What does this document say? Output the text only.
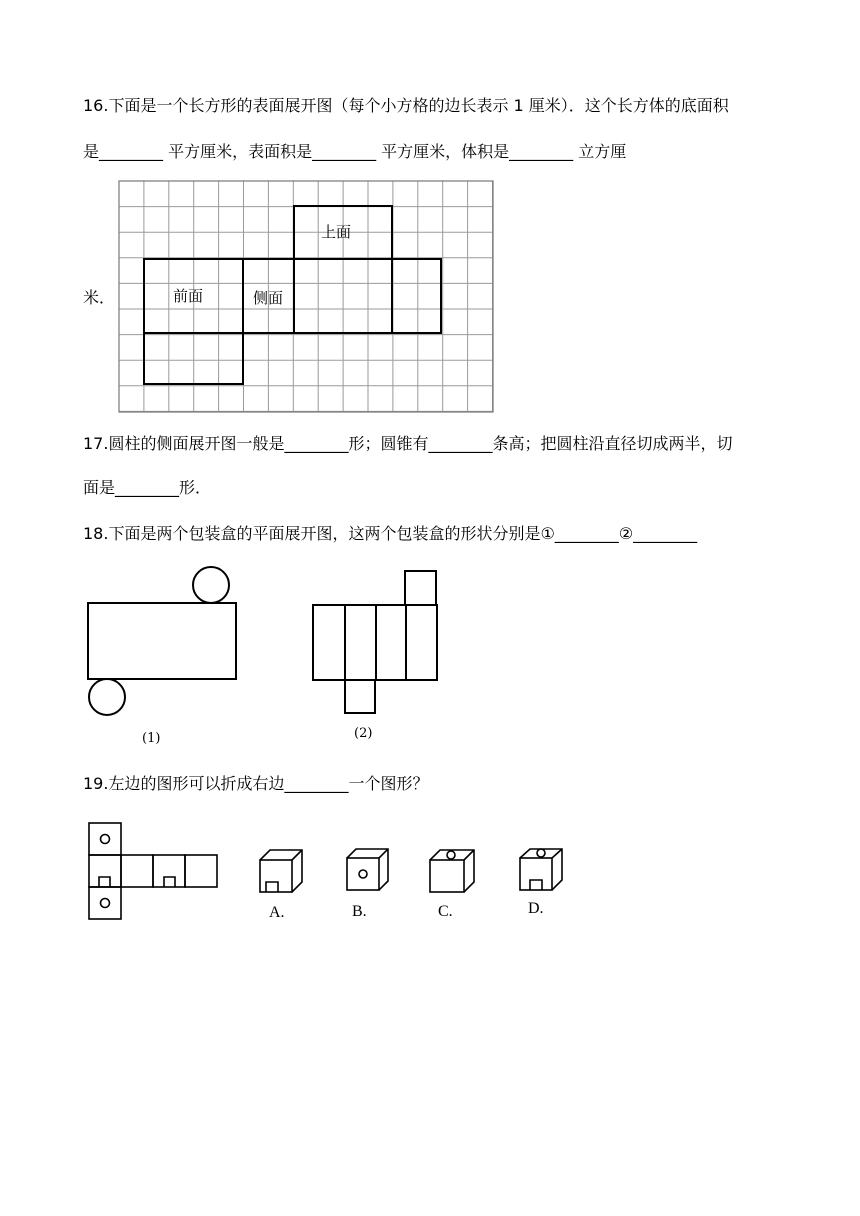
16.下面是一个长方形的表面展开图（每个小方格的边长表示 1 厘米）．这个长方体的底面积
是________ 平方厘米，表面积是________ 平方厘米，体积是________ 立方厘
米．
上面
前面	侧面
17.圆柱的侧面展开图一般是________形；圆锥有________条高；把圆柱沿直径切成两半，切
面是________形．
18.下面是两个包装盒的平面展开图，这两个包装盒的形状分别是①________②________
(1)	(2)
19.左边的图形可以折成右边________一个图形？
A.	B.	C.	D.
